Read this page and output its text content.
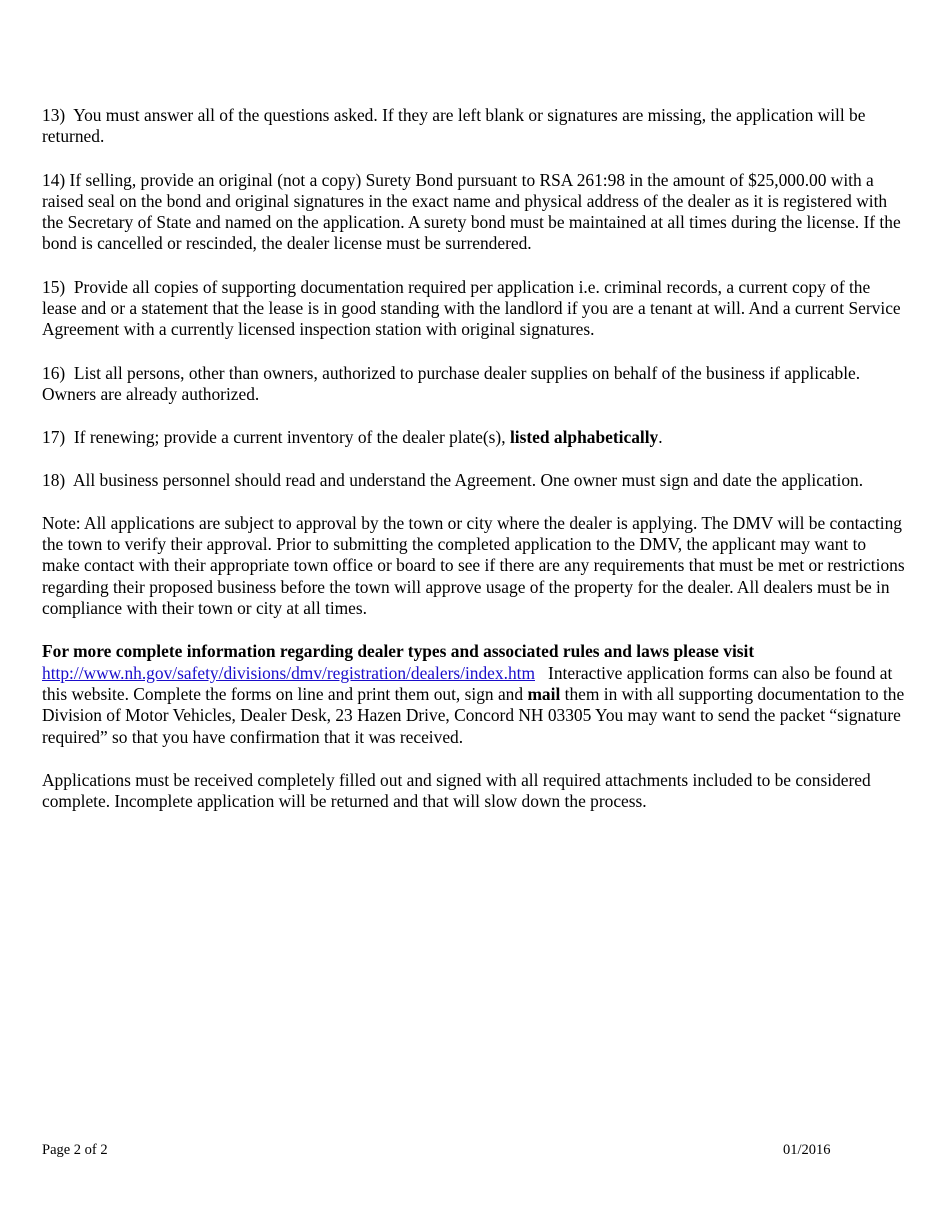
13) You must answer all of the questions asked. If they are left blank or signatures are missing, the application will be returned.

14) If selling, provide an original (not a copy) Surety Bond pursuant to RSA 261:98 in the amount of $25,000.00 with a raised seal on the bond and original signatures in the exact name and physical address of the dealer as it is registered with the Secretary of State and named on the application. A surety bond must be maintained at all times during the license. If the bond is cancelled or rescinded, the dealer license must be surrendered.

15) Provide all copies of supporting documentation required per application i.e. criminal records, a current copy of the lease and or a statement that the lease is in good standing with the landlord if you are a tenant at will. And a current Service Agreement with a currently licensed inspection station with original signatures.

16) List all persons, other than owners, authorized to purchase dealer supplies on behalf of the business if applicable. Owners are already authorized.

17) If renewing; provide a current inventory of the dealer plate(s), listed alphabetically.

18) All business personnel should read and understand the Agreement. One owner must sign and date the application.

Note: All applications are subject to approval by the town or city where the dealer is applying. The DMV will be contacting the town to verify their approval. Prior to submitting the completed application to the DMV, the applicant may want to make contact with their appropriate town office or board to see if there are any requirements that must be met or restrictions regarding their proposed business before the town will approve usage of the property for the dealer. All dealers must be in compliance with their town or city at all times.

For more complete information regarding dealer types and associated rules and laws please visit
http://www.nh.gov/safety/divisions/dmv/registration/dealers/index.htm Interactive application forms can also be found at this website. Complete the forms on line and print them out, sign and mail them in with all supporting documentation to the Division of Motor Vehicles, Dealer Desk, 23 Hazen Drive, Concord NH 03305 You may want to send the packet “signature required” so that you have confirmation that it was received.

Applications must be received completely filled out and signed with all required attachments included to be considered complete. Incomplete application will be returned and that will slow down the process.

Page 2 of 2	01/2016
